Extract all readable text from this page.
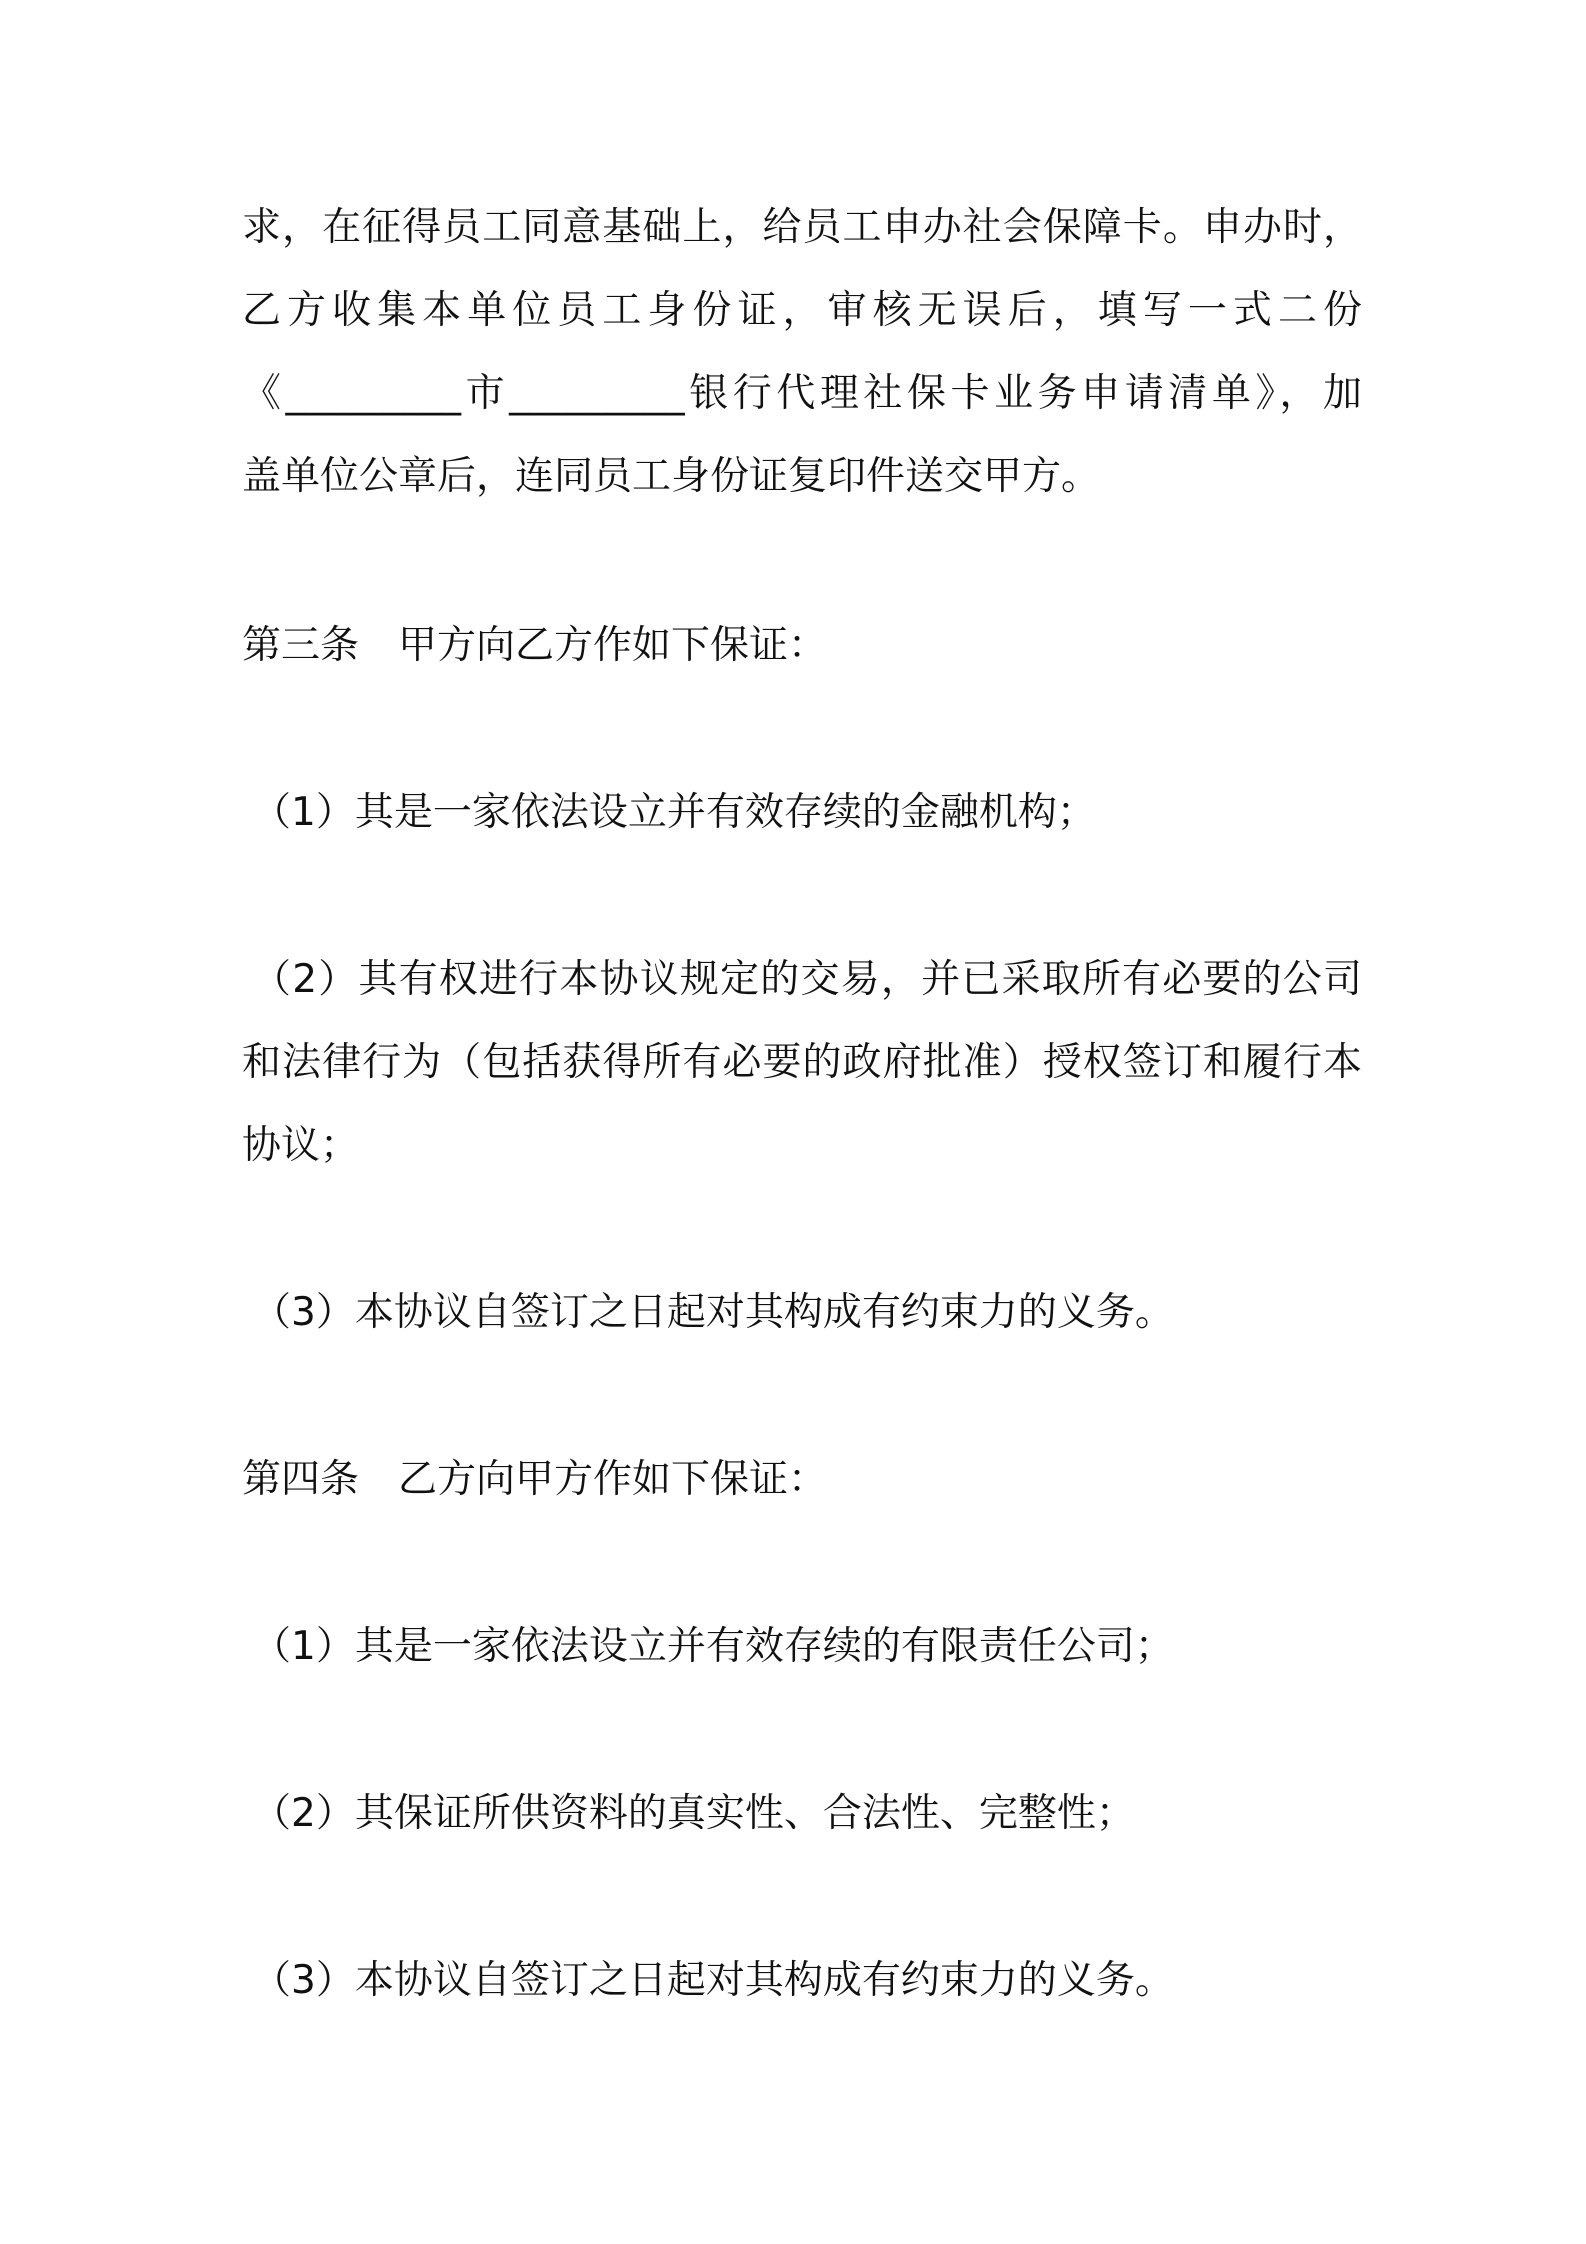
求，在征得员工同意基础上，给员工申办社会保障卡。申办时，
乙方收集本单位员工身份证，审核无误后，填写一式二份
《_________市_________银行代理社保卡业务申请清单》，加
盖单位公章后，连同员工身份证复印件送交甲方。
第三条　甲方向乙方作如下保证：
（1）其是一家依法设立并有效存续的金融机构；
（2）其有权进行本协议规定的交易，并已采取所有必要的公司
和法律行为（包括获得所有必要的政府批准）授权签订和履行本
协议；
（3）本协议自签订之日起对其构成有约束力的义务。
第四条　乙方向甲方作如下保证：
（1）其是一家依法设立并有效存续的有限责任公司；
（2）其保证所供资料的真实性、合法性、完整性；
（3）本协议自签订之日起对其构成有约束力的义务。
